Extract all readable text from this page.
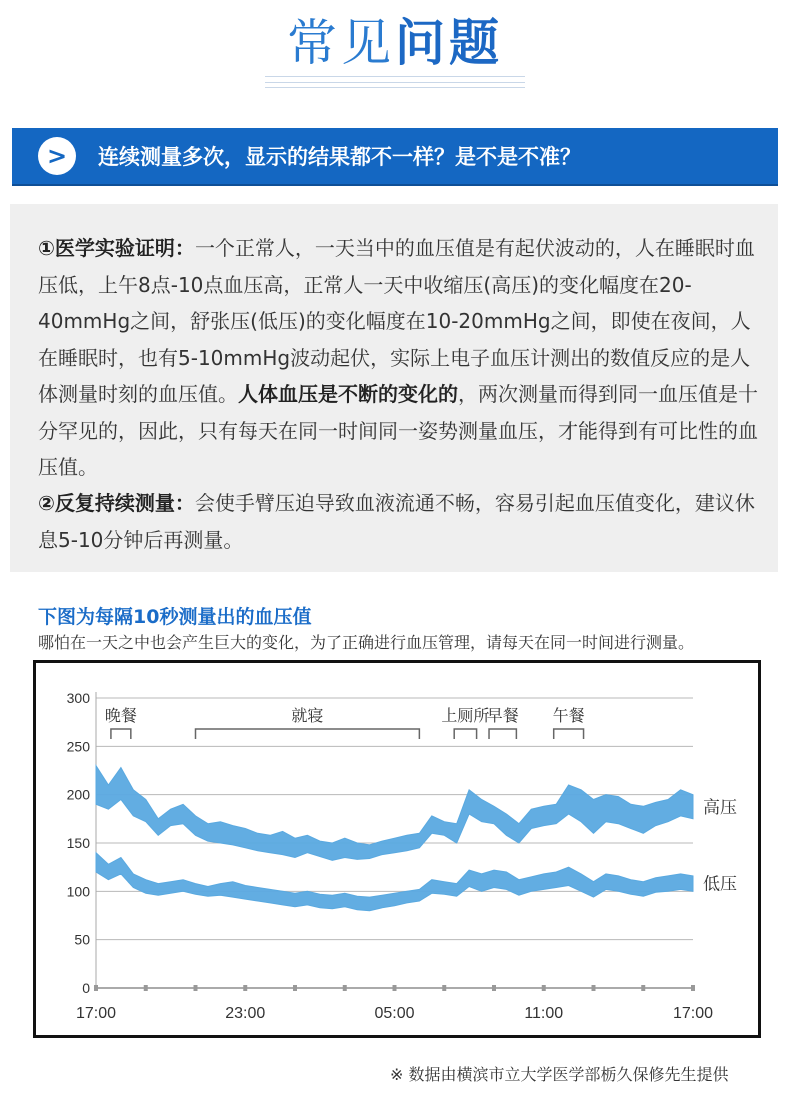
常见问题
>	连续测量多次，显示的结果都不一样？是不是不准？

①医学实验证明：一个正常人，一天当中的血压值是有起伏波动的，人在睡眠时血压低，上午8点-10点血压高，正常人一天中收缩压(高压)的变化幅度在20-40mmHg之间，舒张压(低压)的变化幅度在10-20mmHg之间，即使在夜间，人在睡眠时，也有5-10mmHg波动起伏，实际上电子血压计测出的数值反应的是人体测量时刻的血压值。人体血压是不断的变化的，两次测量而得到同一血压值是十分罕见的，因此，只有每天在同一时间同一姿势测量血压，才能得到有可比性的血压值。

②反复持续测量：会使手臂压迫导致血液流通不畅，容易引起血压值变化，建议休息5-10分钟后再测量。

下图为每隔10秒测量出的血压值
哪怕在一天之中也会产生巨大的变化，为了正确进行血压管理，请每天在同一时间进行测量。
0
50
100
150
200
250
300
17:00	23:00	05:00	11:00	17:00
晚餐	就寝	上厕所
早餐 午餐
高压
低压
※ 数据由横滨市立大学医学部栃久保修先生提供
